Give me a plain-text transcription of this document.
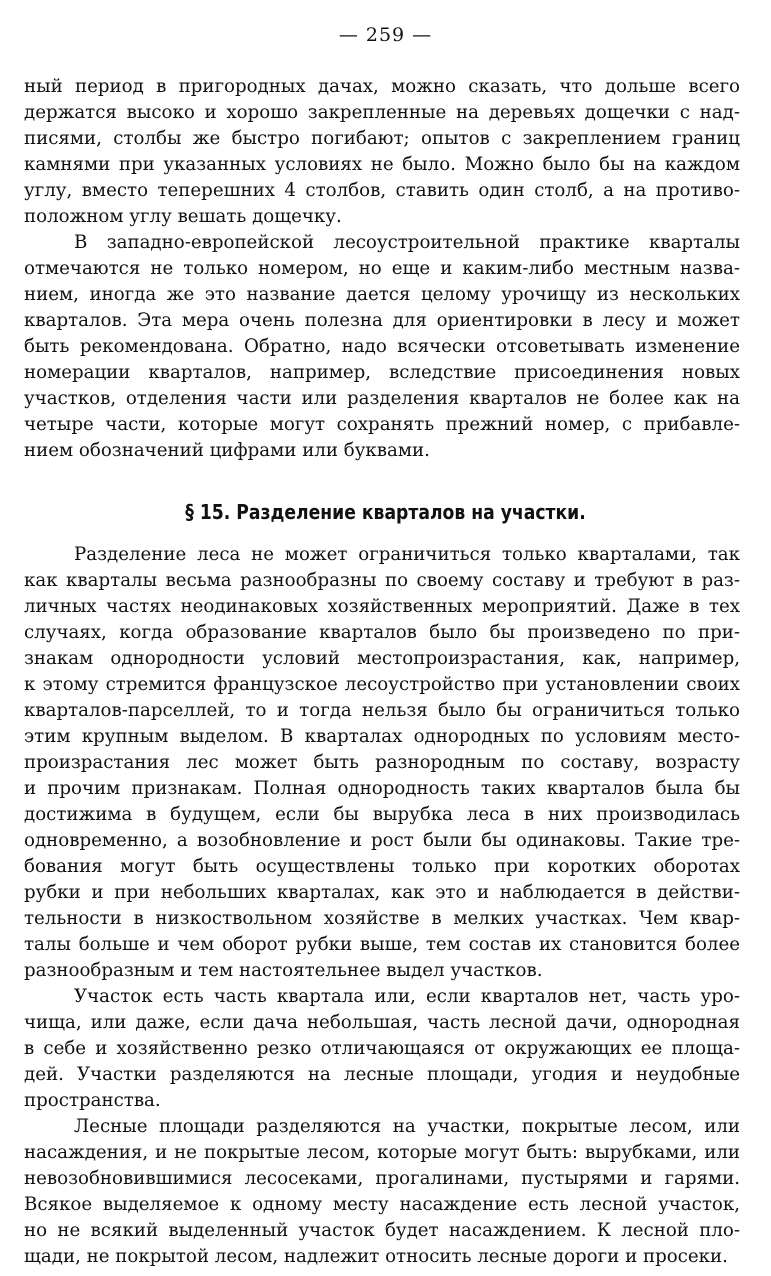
— 259 —
ный период в пригородных дачах, можно сказать, что дольше всего
держатся высоко и хорошо закрепленные на деревьях дощечки с над-
писями, столбы же быстро погибают; опытов с закреплением границ
камнями при указанных условиях не было. Можно было бы на каждом
углу, вместо теперешних 4 столбов, ставить один столб, а на противо-
положном углу вешать дощечку.
В западно-европейской лесоустроительной практике кварталы
отмечаются не только номером, но еще и каким-либо местным назва-
нием, иногда же это название дается целому урочищу из нескольких
кварталов. Эта мера очень полезна для ориентировки в лесу и может
быть рекомендована. Обратно, надо всячески отсоветывать изменение
номерации кварталов, например, вследствие присоединения новых
участков, отделения части или разделения кварталов не более как на
четыре части, которые могут сохранять прежний номер, с прибавле-
нием обозначений цифрами или буквами.
§ 15. Разделение кварталов на участки.
Разделение леса не может ограничиться только кварталами, так
как кварталы весьма разнообразны по своему составу и требуют в раз-
личных частях неодинаковых хозяйственных мероприятий. Даже в тех
случаях, когда образование кварталов было бы произведено по при-
знакам однородности условий местопроизрастания, как, например,
к этому стремится французское лесоустройство при установлении своих
кварталов-парселлей, то и тогда нельзя было бы ограничиться только
этим крупным выделом. В кварталах однородных по условиям место-
произрастания лес может быть разнородным по составу, возрасту
и прочим признакам. Полная однородность таких кварталов была бы
достижима в будущем, если бы вырубка леса в них производилась
одновременно, а возобновление и рост были бы одинаковы. Такие тре-
бования могут быть осуществлены только при коротких оборотах
рубки и при небольших кварталах, как это и наблюдается в действи-
тельности в низкоствольном хозяйстве в мелких участках. Чем квар-
талы больше и чем оборот рубки выше, тем состав их становится более
разнообразным и тем настоятельнее выдел участков.
Участок есть часть квартала или, если кварталов нет, часть уро-
чища, или даже, если дача небольшая, часть лесной дачи, однородная
в себе и хозяйственно резко отличающаяся от окружающих ее площа-
дей. Участки разделяются на лесные площади, угодия и неудобные
пространства.
Лесные площади разделяются на участки, покрытые лесом, или
насаждения, и не покрытые лесом, которые могут быть: вырубками, или
невозобновившимися лесосеками, прогалинами, пустырями и гарями.
Всякое выделяемое к одному месту насаждение есть лесной участок,
но не всякий выделенный участок будет насаждением. К лесной пло-
щади, не покрытой лесом, надлежит относить лесные дороги и просеки.
